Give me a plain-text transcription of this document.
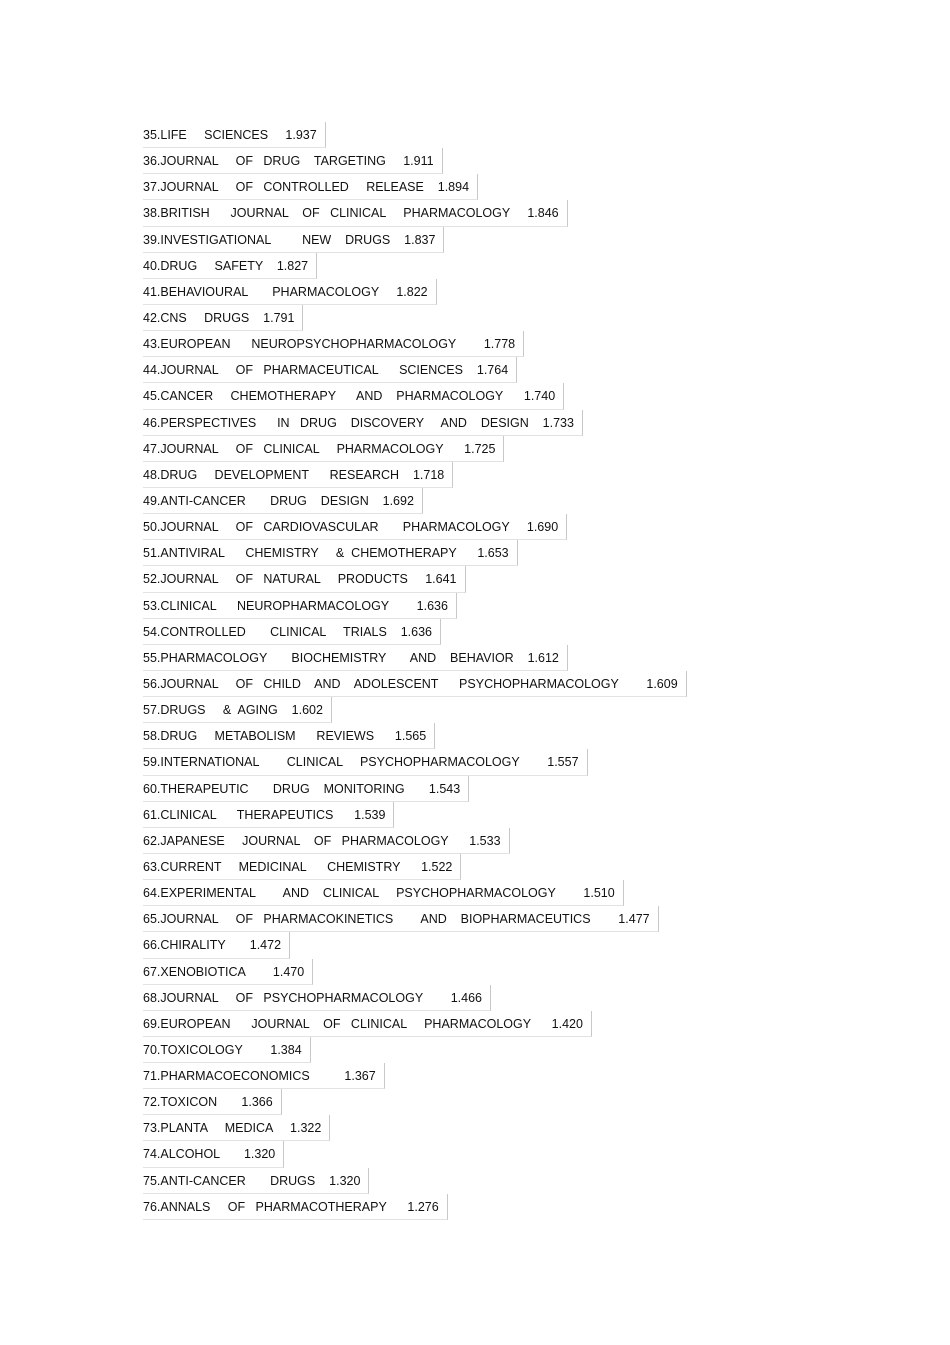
35.LIFE     SCIENCES     1.937
36.JOURNAL     OF   DRUG    TARGETING     1.911
37.JOURNAL     OF   CONTROLLED     RELEASE    1.894
38.BRITISH      JOURNAL    OF   CLINICAL     PHARMACOLOGY     1.846
39.INVESTIGATIONAL         NEW    DRUGS    1.837
40.DRUG     SAFETY    1.827
41.BEHAVIOURAL       PHARMACOLOGY     1.822
42.CNS     DRUGS    1.791
43.EUROPEAN      NEUROPSYCHOPHARMACOLOGY        1.778
44.JOURNAL     OF   PHARMACEUTICAL      SCIENCES    1.764
45.CANCER     CHEMOTHERAPY      AND    PHARMACOLOGY      1.740
46.PERSPECTIVES      IN   DRUG    DISCOVERY     AND    DESIGN    1.733
47.JOURNAL     OF   CLINICAL     PHARMACOLOGY      1.725
48.DRUG     DEVELOPMENT      RESEARCH    1.718
49.ANTI-CANCER       DRUG    DESIGN    1.692
50.JOURNAL     OF   CARDIOVASCULAR       PHARMACOLOGY     1.690
51.ANTIVIRAL      CHEMISTRY     &  CHEMOTHERAPY      1.653
52.JOURNAL     OF   NATURAL     PRODUCTS     1.641
53.CLINICAL      NEUROPHARMACOLOGY        1.636
54.CONTROLLED       CLINICAL     TRIALS    1.636
55.PHARMACOLOGY       BIOCHEMISTRY       AND    BEHAVIOR    1.612
56.JOURNAL     OF   CHILD    AND    ADOLESCENT      PSYCHOPHARMACOLOGY        1.609
57.DRUGS     &  AGING    1.602
58.DRUG     METABOLISM      REVIEWS      1.565
59.INTERNATIONAL        CLINICAL     PSYCHOPHARMACOLOGY        1.557
60.THERAPEUTIC       DRUG    MONITORING       1.543
61.CLINICAL      THERAPEUTICS      1.539
62.JAPANESE     JOURNAL    OF   PHARMACOLOGY      1.533
63.CURRENT     MEDICINAL      CHEMISTRY      1.522
64.EXPERIMENTAL        AND    CLINICAL     PSYCHOPHARMACOLOGY        1.510
65.JOURNAL     OF   PHARMACOKINETICS        AND    BIOPHARMACEUTICS        1.477
66.CHIRALITY       1.472
67.XENOBIOTICA        1.470
68.JOURNAL     OF   PSYCHOPHARMACOLOGY        1.466
69.EUROPEAN      JOURNAL    OF   CLINICAL     PHARMACOLOGY      1.420
70.TOXICOLOGY        1.384
71.PHARMACOECONOMICS          1.367
72.TOXICON       1.366
73.PLANTA     MEDICA     1.322
74.ALCOHOL       1.320
75.ANTI-CANCER       DRUGS    1.320
76.ANNALS     OF   PHARMACOTHERAPY      1.276
